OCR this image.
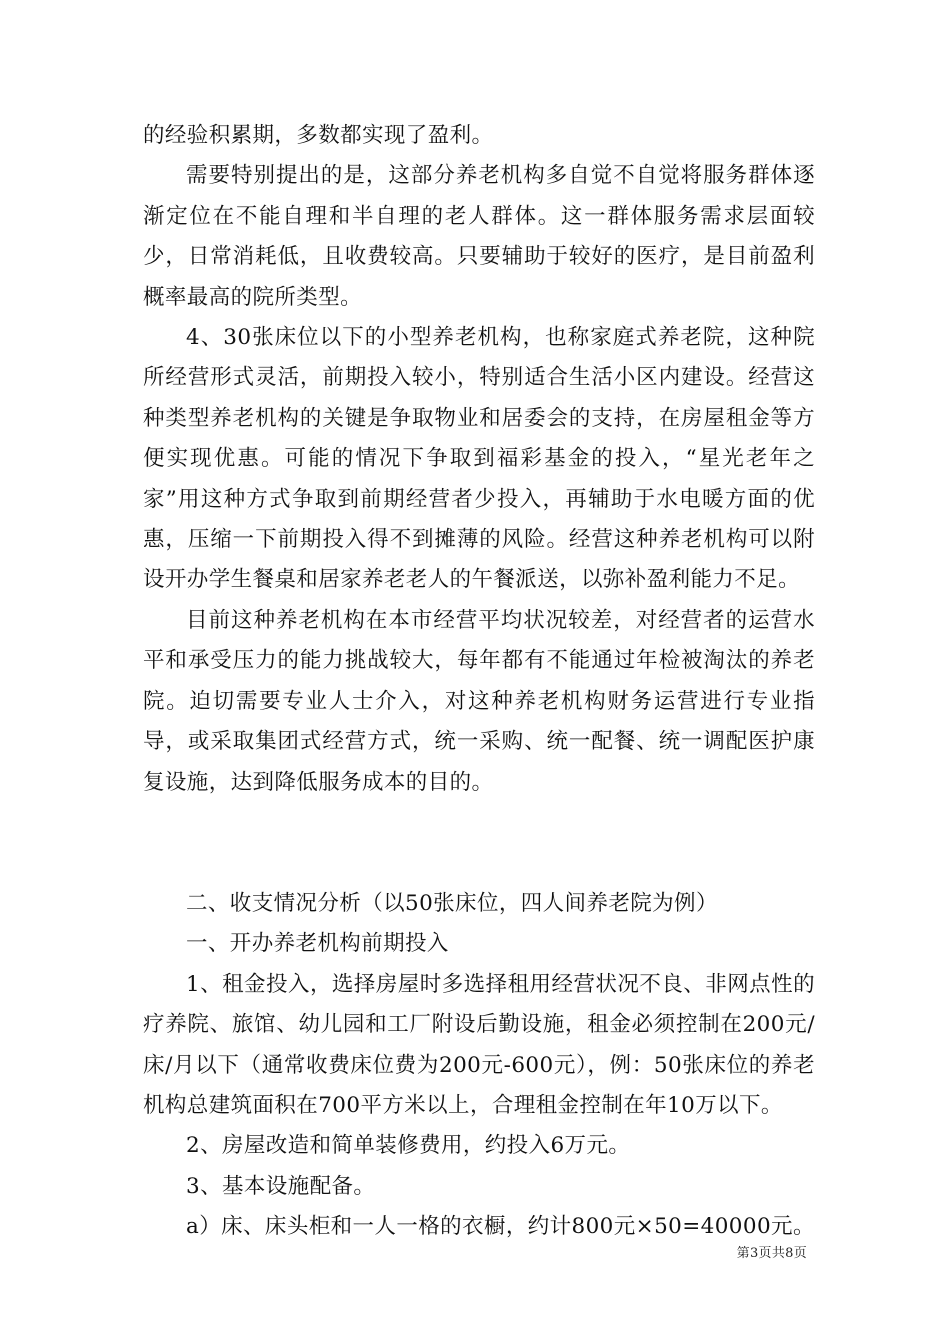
的经验积累期，多数都实现了盈利。

需要特别提出的是，这部分养老机构多自觉不自觉将服务群体逐渐定位在不能自理和半自理的老人群体。这一群体服务需求层面较少，日常消耗低，且收费较高。只要辅助于较好的医疗，是目前盈利概率最高的院所类型。

4、30张床位以下的小型养老机构，也称家庭式养老院，这种院所经营形式灵活，前期投入较小，特别适合生活小区内建设。经营这种类型养老机构的关键是争取物业和居委会的支持，在房屋租金等方便实现优惠。可能的情况下争取到福彩基金的投入，“星光老年之家”用这种方式争取到前期经营者少投入，再辅助于水电暖方面的优惠，压缩一下前期投入得不到摊薄的风险。经营这种养老机构可以附设开办学生餐桌和居家养老老人的午餐派送，以弥补盈利能力不足。

目前这种养老机构在本市经营平均状况较差，对经营者的运营水平和承受压力的能力挑战较大，每年都有不能通过年检被淘汰的养老院。迫切需要专业人士介入，对这种养老机构财务运营进行专业指导，或采取集团式经营方式，统一采购、统一配餐、统一调配医护康复设施，达到降低服务成本的目的。

二、收支情况分析（以50张床位，四人间养老院为例）

一、开办养老机构前期投入

1、租金投入，选择房屋时多选择租用经营状况不良、非网点性的疗养院、旅馆、幼儿园和工厂附设后勤设施，租金必须控制在200元/床/月以下（通常收费床位费为200元-600元），例：50张床位的养老机构总建筑面积在700平方米以上，合理租金控制在年10万以下。

2、房屋改造和简单装修费用，约投入6万元。

3、基本设施配备。

a）床、床头柜和一人一格的衣橱，约计800元×50=40000元。

第3页共8页
